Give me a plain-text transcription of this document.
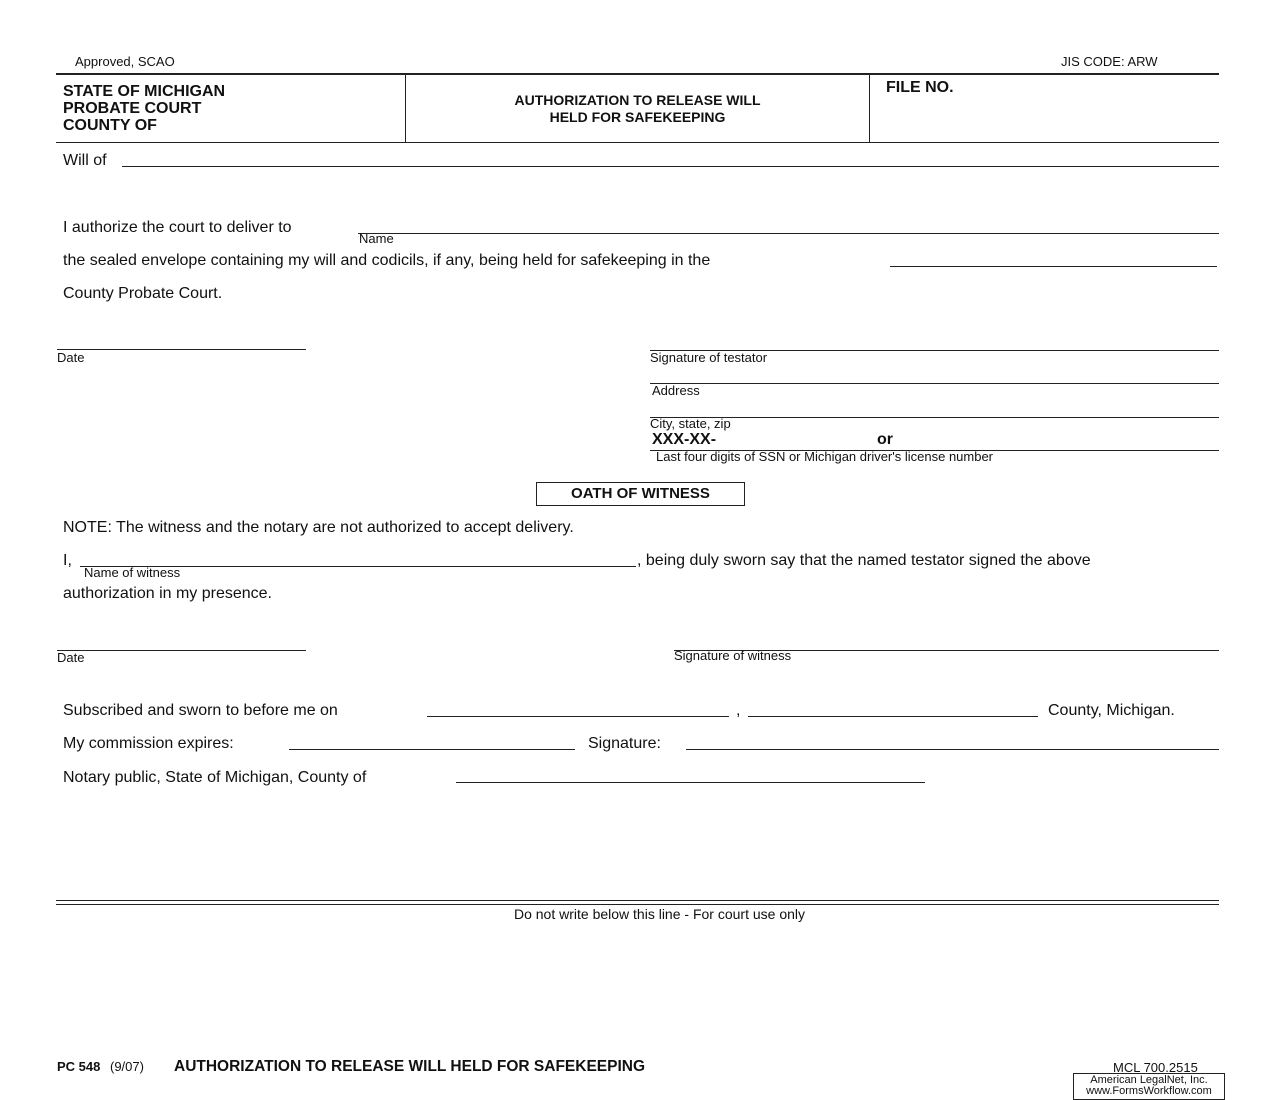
Approved, SCAO	JIS CODE: ARW
STATE OF MICHIGAN
PROBATE COURT
COUNTY OF
AUTHORIZATION TO RELEASE WILL
HELD FOR SAFEKEEPING
FILE NO.
Will of
I authorize the court to deliver to
Name
the sealed envelope containing my will and codicils, if any, being held for safekeeping in the
County Probate Court.
Date	Signature of testator
Address
City, state, zip
XXX-XX-	or
Last four digits of SSN or Michigan driver's license number
OATH OF WITNESS
NOTE: The witness and the notary are not authorized to accept delivery.
I,
Name of witness
, being duly sworn say that the named testator signed the above
authorization in my presence.
Date	Signature of witness
Subscribed and sworn to before me on	,	County, Michigan.
My commission expires:	Signature:
Notary public, State of Michigan, County of
Do not write below this line - For court use only
PC 548 (9/07) AUTHORIZATION TO RELEASE WILL HELD FOR SAFEKEEPING	MCL 700.2515
American LegalNet, Inc.
www.FormsWorkflow.com
